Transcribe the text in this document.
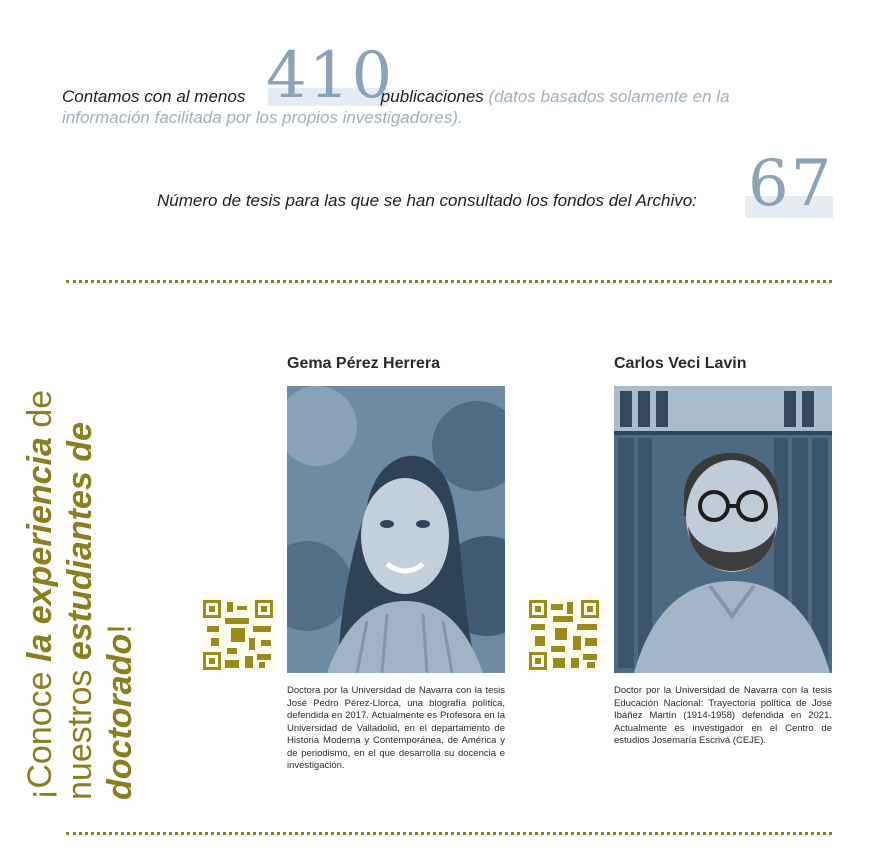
410
Contamos con al menos	publicaciones (datos basados solamente en la
información facilitada por los propios investigadores).
67
Número de tesis para las que se han consultado los fondos del Archivo:
¡Conoce la experiencia de
nuestros estudiantes de
doctorado!
Gema Pérez Herrera
Doctora por la Universidad de Navarra con la tesis José Pedro Pérez-Llorca, una biografía política, defendida en 2017. Actualmente es Profesora en la Universidad de Valladolid, en el departamento de Historia Moderna y Contemporánea, de América y de periodismo, en el que desarrolla su docencia e investigación.
Carlos Veci Lavin
Doctor por la Universidad de Navarra con la tesis Educación Nacional: Trayectoria política de José Ibáñez Martín (1914-1958) defendida en 2021. Actualmente es investigador en el Centro de estudios Josemaría Escrivá (CEJE).
